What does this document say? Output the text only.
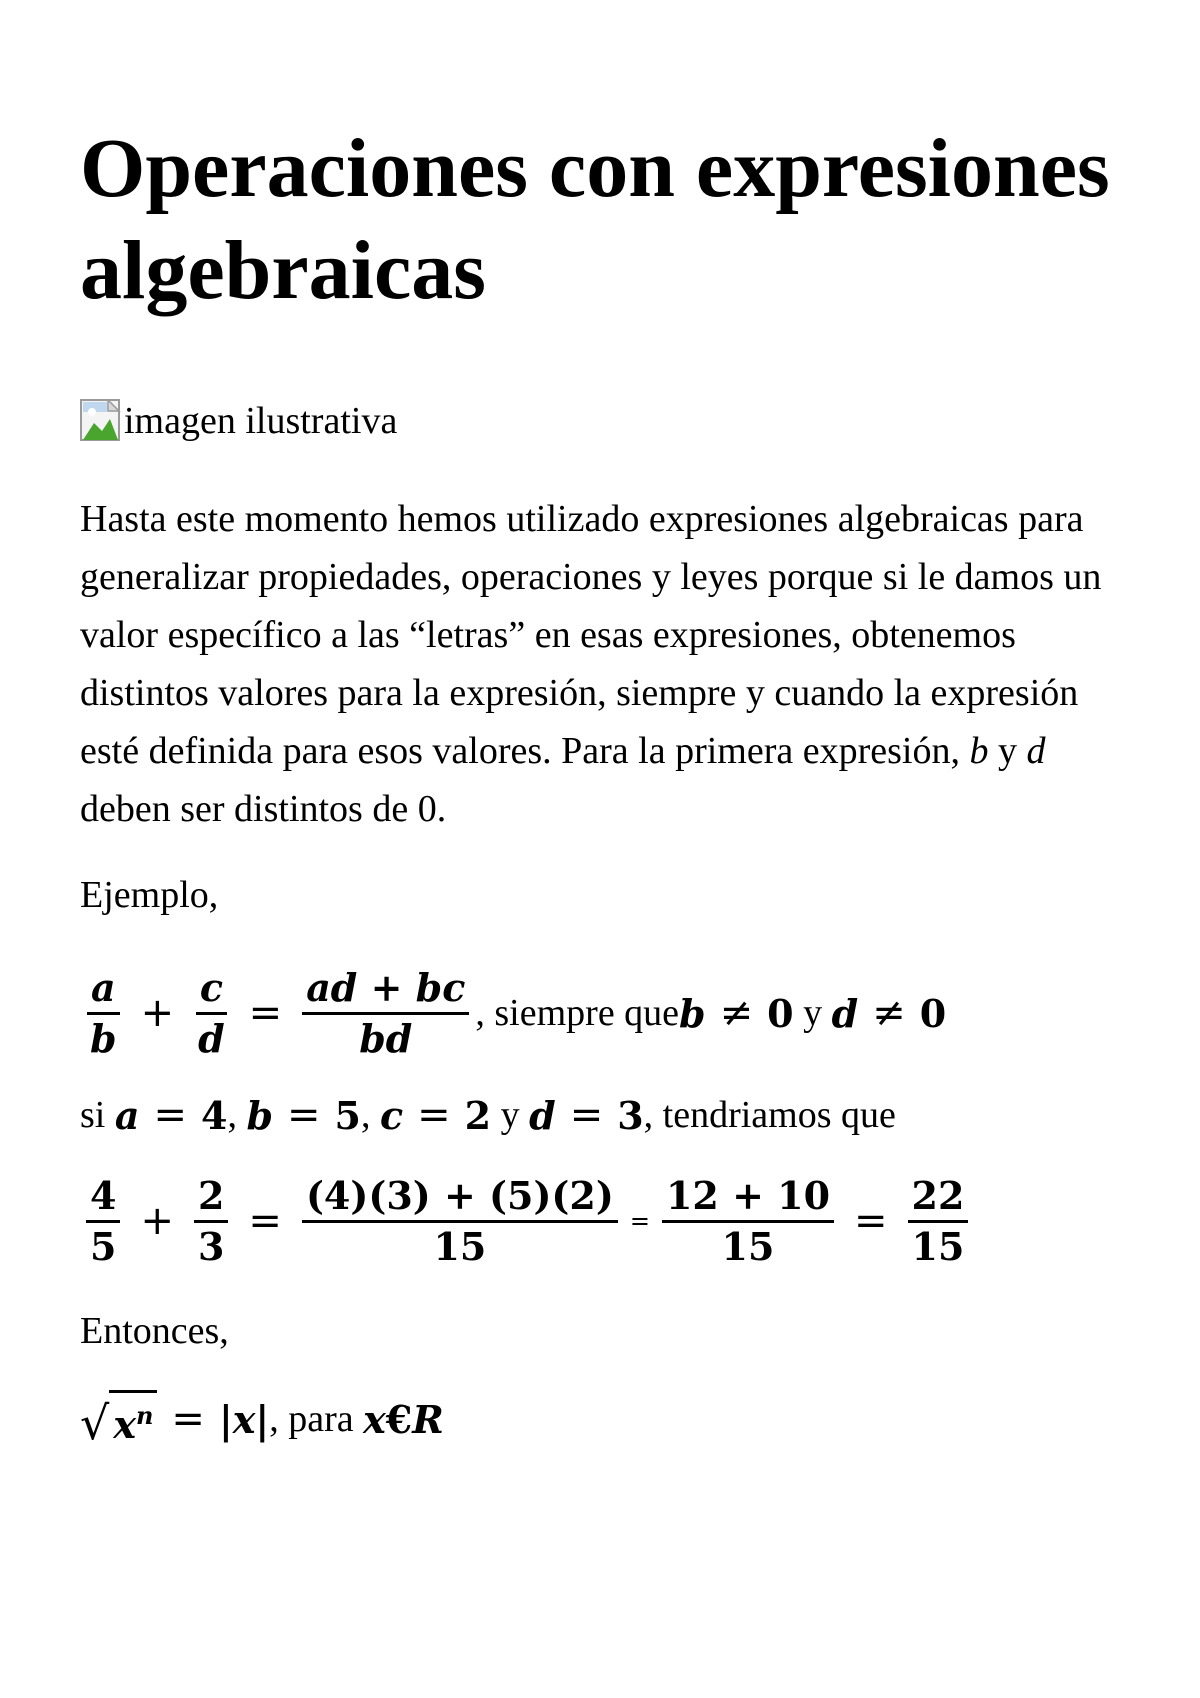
Operaciones con expresiones algebraicas
imagen ilustrativa

Hasta este momento hemos utilizado expresiones algebraicas para generalizar propiedades, operaciones y leyes porque si le damos un valor específico a las “letras” en esas expresiones, obtenemos distintos valores para la expresión, siempre y cuando la expresión esté definida para esos valores. Para la primera expresión, b y d deben ser distintos de 0.

Ejemplo,

$\frac{a}{b} + \frac{c}{d} = \frac{ad + bc}{bd}$ , siempre que b ≠ 0 y d ≠ 0
si a = 4 , b = 5 , c = 2 y d = 3 , tendriamos que
$\frac{4}{5} + \frac{2}{3} = \frac{(4)(3) + (5)(2)}{15} = \frac{12 + 10}{15} = \frac{22}{15}$

Entonces,

√ $x^n = |x|$ , para x € R
